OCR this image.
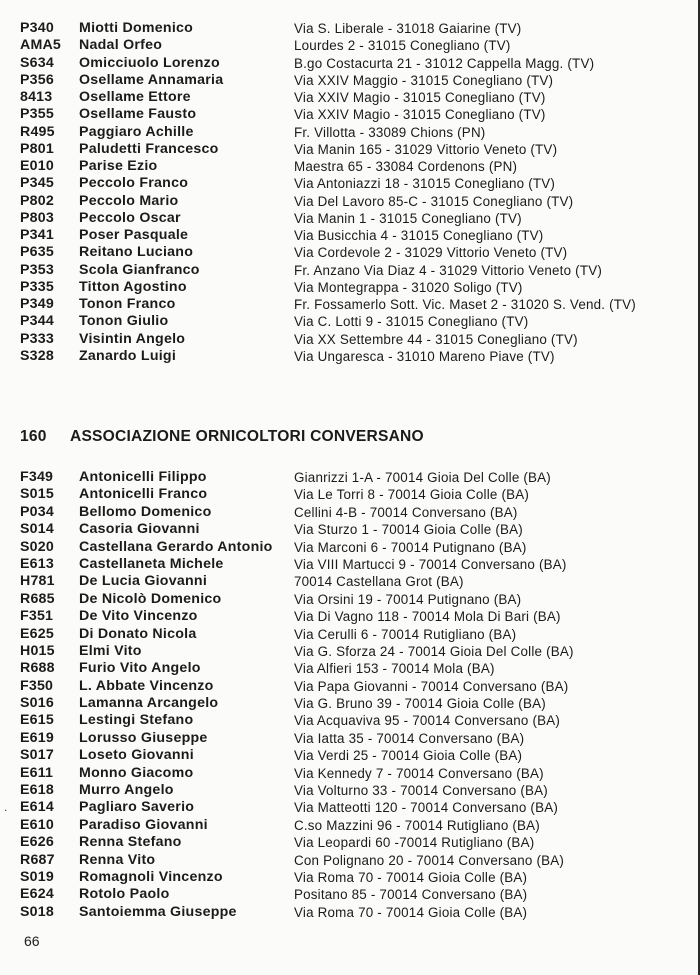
P340 Miotti Domenico	Via S. Liberale - 31018 Gaiarine (TV)
AMA5 Nadal Orfeo	Lourdes 2 - 31015 Conegliano (TV)
S634 Omicciuolo Lorenzo	B.go Costacurta 21 - 31012 Cappella Magg. (TV)
P356 Osellame Annamaria	Via XXIV Maggio - 31015 Conegliano (TV)
8413 Osellame Ettore	Via XXIV Magio - 31015 Conegliano (TV)
P355 Osellame Fausto	Via XXIV Magio - 31015 Conegliano (TV)
R495 Paggiaro Achille	Fr. Villotta - 33089 Chions (PN)
P801 Paludetti Francesco	Via Manin 165 - 31029 Vittorio Veneto (TV)
E010 Parise Ezio	Maestra 65 - 33084 Cordenons (PN)
P345 Peccolo Franco	Via Antoniazzi 18 - 31015 Conegliano (TV)
P802 Peccolo Mario	Via Del Lavoro 85-C - 31015 Conegliano (TV)
P803 Peccolo Oscar	Via Manin 1 - 31015 Conegliano (TV)
P341 Poser Pasquale	Via Busicchia 4 - 31015 Conegliano (TV)
P635 Reitano Luciano	Via Cordevole 2 - 31029 Vittorio Veneto (TV)
P353 Scola Gianfranco	Fr. Anzano Via Diaz 4 - 31029 Vittorio Veneto (TV)
P335 Titton Agostino	Via Montegrappa - 31020 Soligo (TV)
P349 Tonon Franco	Fr. Fossamerlo Sott. Vic. Maset 2 - 31020 S. Vend. (TV)
P344 Tonon Giulio	Via C. Lotti 9 - 31015 Conegliano (TV)
P333 Visintin Angelo	Via XX Settembre 44 - 31015 Conegliano (TV)
S328 Zanardo Luigi	Via Ungaresca - 31010 Mareno Piave (TV)
160 ASSOCIAZIONE ORNICOLTORI CONVERSANO
F349 Antonicelli Filippo	Gianrizzi 1-A - 70014 Gioia Del Colle (BA)
S015 Antonicelli Franco	Via Le Torri 8 - 70014 Gioia Colle (BA)
P034 Bellomo Domenico	Cellini 4-B - 70014 Conversano (BA)
S014 Casoria Giovanni	Via Sturzo 1 - 70014 Gioia Colle (BA)
S020 Castellana Gerardo Antonio Via Marconi 6 - 70014 Putignano (BA)
E613 Castellaneta Michele	Via VIII Martucci 9 - 70014 Conversano (BA)
H781 De Lucia Giovanni	70014 Castellana Grot (BA)
R685 De Nicolò Domenico	Via Orsini 19 - 70014 Putignano (BA)
F351 De Vito Vincenzo	Via Di Vagno 118 - 70014 Mola Di Bari (BA)
E625 Di Donato Nicola	Via Cerulli 6 - 70014 Rutigliano (BA)
H015 Elmi Vito	Via G. Sforza 24 - 70014 Gioia Del Colle (BA)
R688 Furio Vito Angelo	Via Alfieri 153 - 70014 Mola (BA)
F350 L. Abbate Vincenzo	Via Papa Giovanni - 70014 Conversano (BA)
S016 Lamanna Arcangelo	Via G. Bruno 39 - 70014 Gioia Colle (BA)
E615 Lestingi Stefano	Via Acquaviva 95 - 70014 Conversano (BA)
E619 Lorusso Giuseppe	Via Iatta 35 - 70014 Conversano (BA)
S017 Loseto Giovanni	Via Verdi 25 - 70014 Gioia Colle (BA)
E611 Monno Giacomo	Via Kennedy 7 - 70014 Conversano (BA)
E618 Murro Angelo	Via Volturno 33 - 70014 Conversano (BA)
E614 Pagliaro Saverio	Via Matteotti 120 - 70014 Conversano (BA)
E610 Paradiso Giovanni	C.so Mazzini 96 - 70014 Rutigliano (BA)
E626 Renna Stefano	Via Leopardi 60 -70014 Rutigliano (BA)
R687 Renna Vito	Con Polignano 20 - 70014 Conversano (BA)
S019 Romagnoli Vincenzo	Via Roma 70 - 70014 Gioia Colle (BA)
E624 Rotolo Paolo	Positano 85 - 70014 Conversano (BA)
S018 Santoiemma Giuseppe	Via Roma 70 - 70014 Gioia Colle (BA)
.
66
